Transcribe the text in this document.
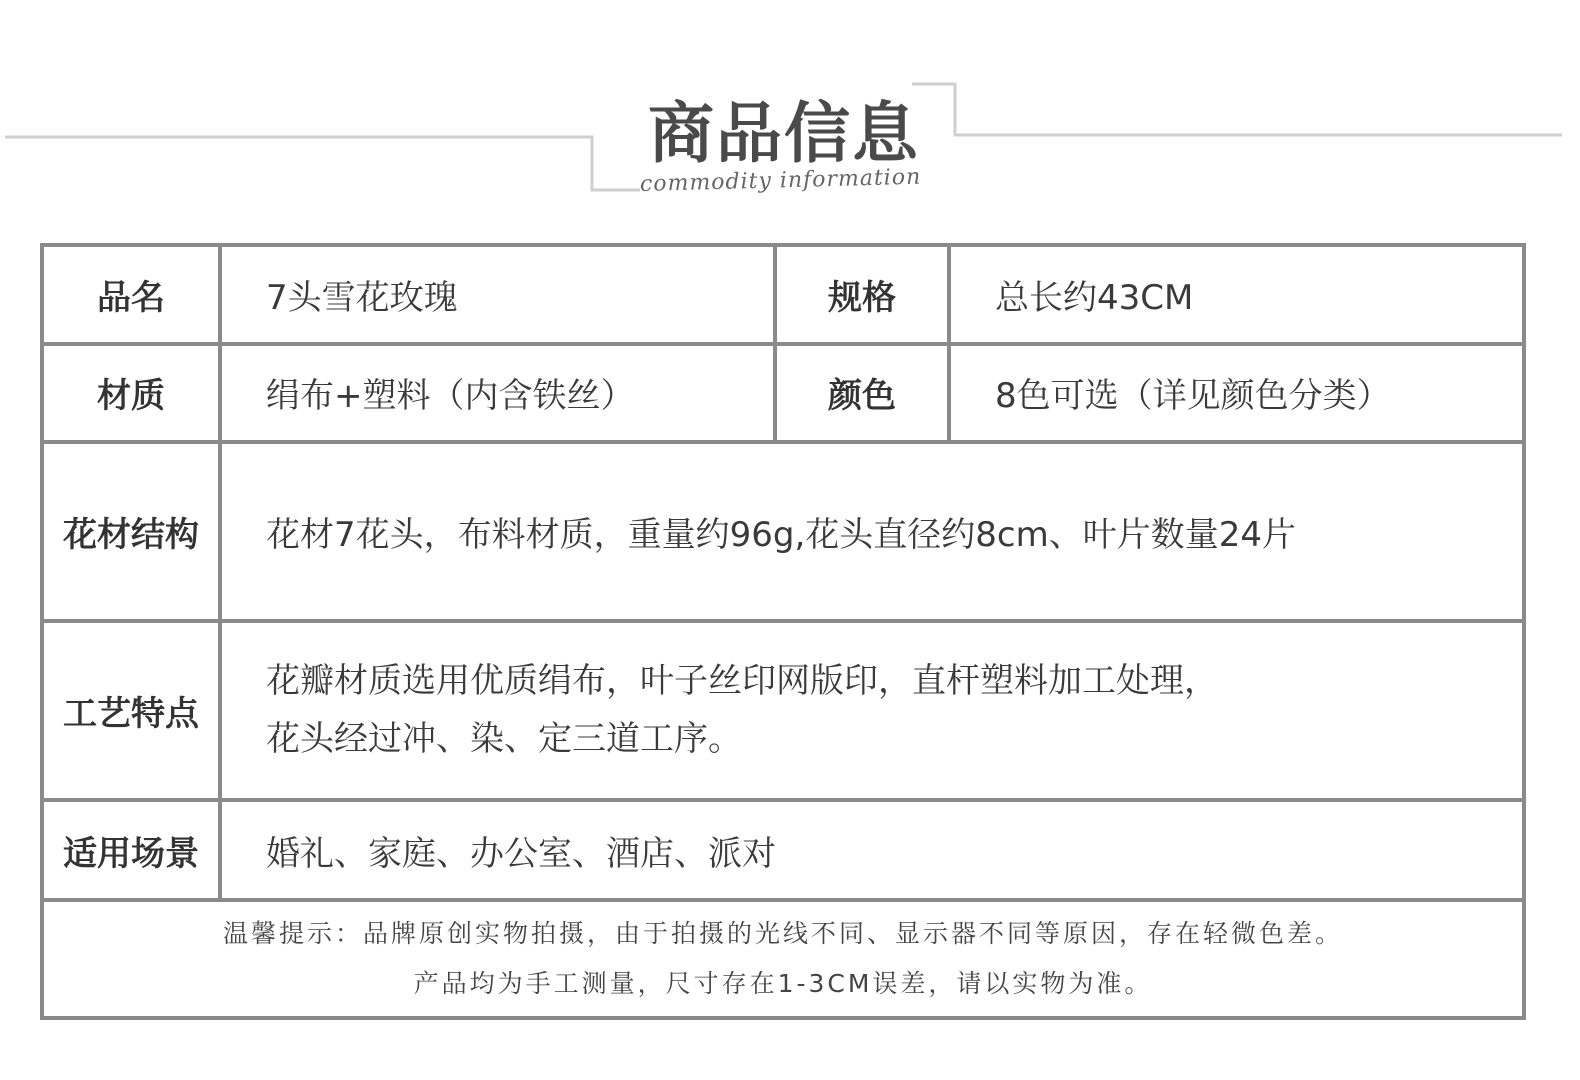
商品信息
commodity information
品名	7头雪花玫瑰	规格	总长约43CM
材质	绢布+塑料（内含铁丝）	颜色	8色可选（详见颜色分类）
花材结构	花材7花头，布料材质，重量约96g,花头直径约8cm、叶片数量24片		
工艺特点	花瓣材质选用优质绢布，叶子丝印网版印，直杆塑料加工处理，
花头经过冲、染、定三道工序。		

适用场景	婚礼、家庭、办公室、酒店、派对		

温馨提示：品牌原创实物拍摄，由于拍摄的光线不同、显示器不同等原因，存在轻微色差。
产品均为手工测量，尺寸存在1-3CM误差，请以实物为准。			
